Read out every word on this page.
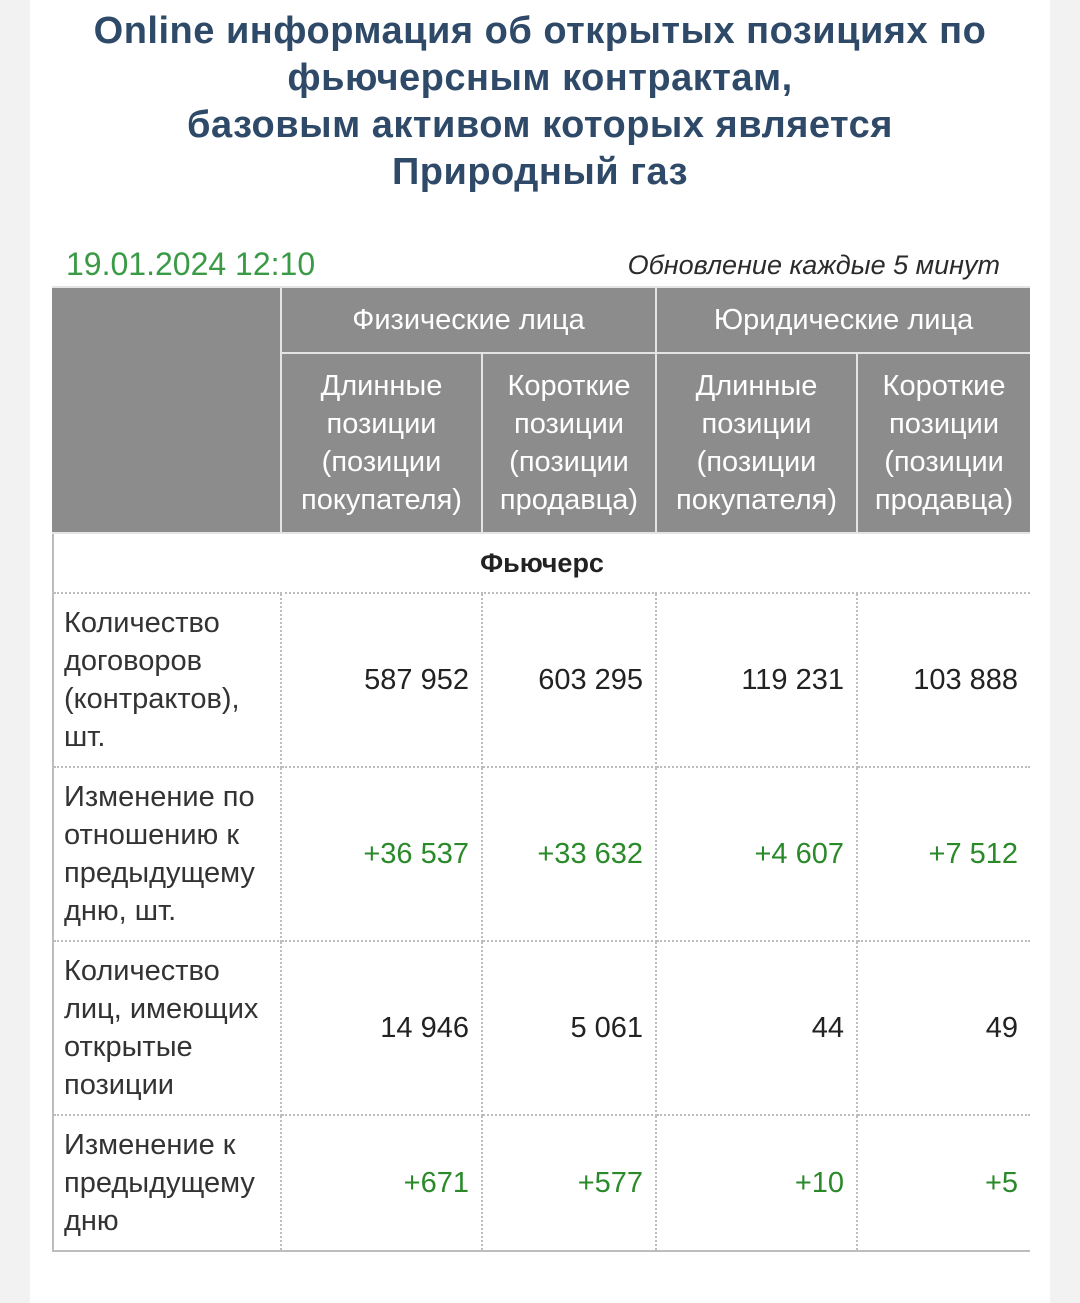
Online информация об открытых позициях по
фьючерсным контрактам,
базовым активом которых является
Природный газ
19.01.2024 12:10	Обновление каждые 5 минут
	Физические лица		Юридические лица	

	Длинные
позиции
(позиции
покупателя)	Короткие
позиции
(позиции
продавца)	Длинные
позиции
(позиции
покупателя)	Короткие
позиции
(позиции
продавца)

Фьючерс				

Количество
договоров
(контрактов),
шт.	587 952	603 295	119 231	103 888

Изменение по
отношению к
предыдущему
дню, шт.	+36 537	+33 632	+4 607	+7 512

Количество
лиц, имеющих
открытые
позиции	14 946	5 061	44	49

Изменение к
предыдущему
дню	+671	+577	+10	+5
